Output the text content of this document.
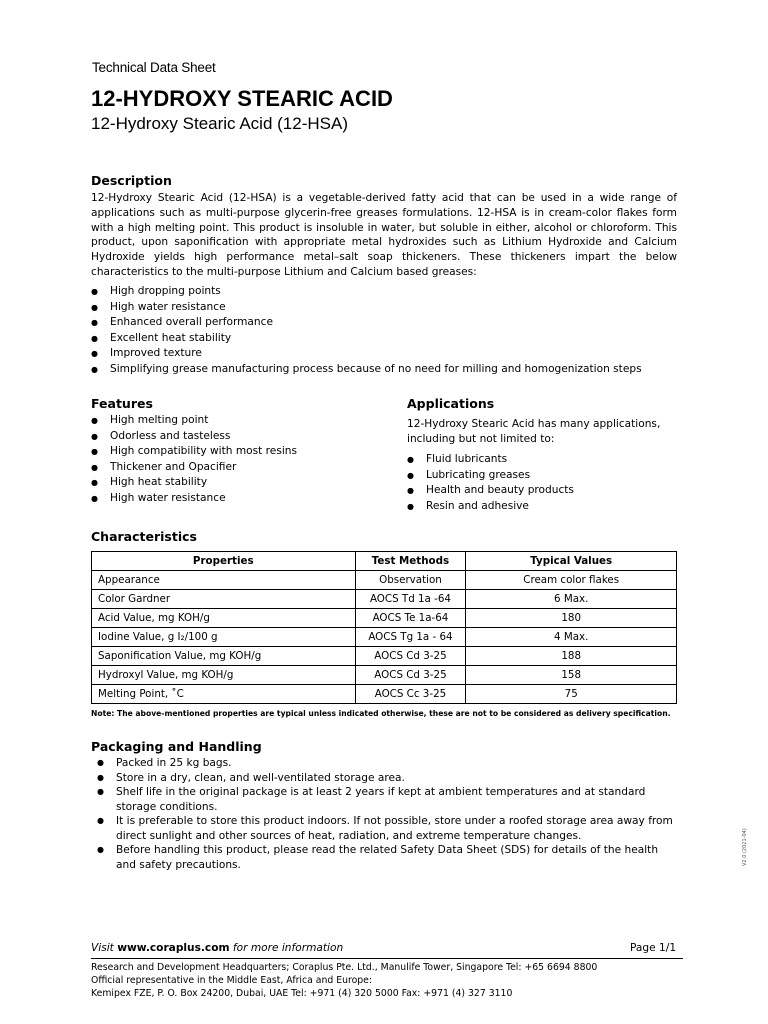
Technical Data Sheet
12-HYDROXY STEARIC ACID
12-Hydroxy Stearic Acid (12-HSA)
Description
12-Hydroxy Stearic Acid (12-HSA) is a vegetable-derived fatty acid that can be used in a wide range of applications such as multi-purpose glycerin-free greases formulations. 12-HSA is in cream-color flakes form with a high melting point. This product is insoluble in water, but soluble in either, alcohol or chloroform. This product, upon saponification with appropriate metal hydroxides such as Lithium Hydroxide and Calcium Hydroxide yields high performance metal–salt soap thickeners. These thickeners impart the below characteristics to the multi-purpose Lithium and Calcium based greases:
● High dropping points
● High water resistance
● Enhanced overall performance
● Excellent heat stability
● Improved texture
● Simplifying grease manufacturing process because of no need for milling and homogenization steps
Features
● High melting point
● Odorless and tasteless
● High compatibility with most resins
● Thickener and Opacifier
● High heat stability
● High water resistance
Applications
12-Hydroxy Stearic Acid has many applications, including but not limited to:
● Fluid lubricants
● Lubricating greases
● Health and beauty products
● Resin and adhesive
Characteristics
Properties	Test Methods	Typical Values
Appearance	Observation	Cream color flakes
Color Gardner	AOCS Td 1a -64	6 Max.
Acid Value, mg KOH/g	AOCS Te 1a-64	180
Iodine Value, g I₂/100 g	AOCS Tg 1a - 64	4 Max.
Saponification Value, mg KOH/g	AOCS Cd 3-25	188
Hydroxyl Value, mg KOH/g	AOCS Cd 3-25	158
Melting Point, ˚C	AOCS Cc 3-25	75
Note: The above-mentioned properties are typical unless indicated otherwise, these are not to be considered as delivery specification.
Packaging and Handling
● Packed in 25 kg bags.
● Store in a dry, clean, and well-ventilated storage area.
● Shelf life in the original package is at least 2 years if kept at ambient temperatures and at standard storage conditions.
● It is preferable to store this product indoors. If not possible, store under a roofed storage area away from direct sunlight and other sources of heat, radiation, and extreme temperature changes.
● Before handling this product, please read the related Safety Data Sheet (SDS) for details of the health and safety precautions.	V2.0 (2021-04)
Visit www.coraplus.com for more information	Page 1/1
Research and Development Headquarters; Coraplus Pte. Ltd., Manulife Tower, Singapore Tel: +65 6694 8800
Official representative in the Middle East, Africa and Europe:
Kemipex FZE, P. O. Box 24200, Dubai, UAE Tel: +971 (4) 320 5000 Fax: +971 (4) 327 3110
